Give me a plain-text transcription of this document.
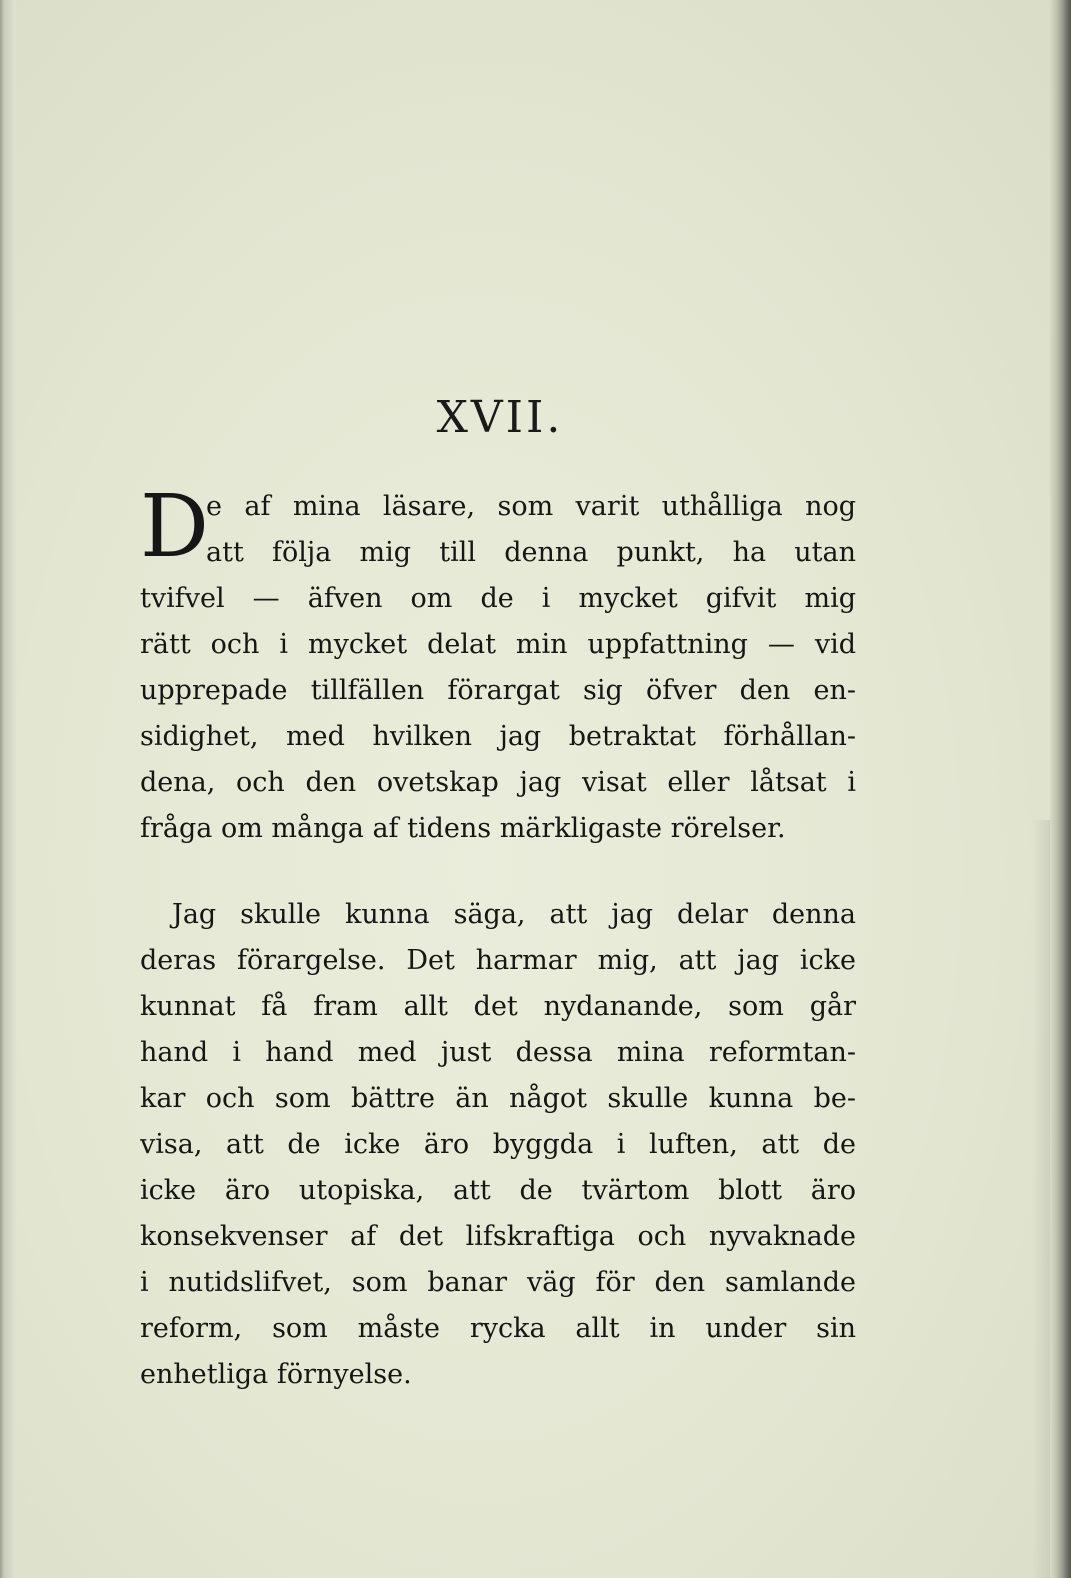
XVII.
D
e af mina läsare, som varit uthålliga nog
att följa mig till denna punkt, ha utan
tvifvel — äfven om de i mycket gifvit mig
rätt och i mycket delat min uppfattning — vid
upprepade tillfällen förargat sig öfver den en-
sidighet, med hvilken jag betraktat förhållan-
dena, och den ovetskap jag visat eller låtsat i
fråga om många af tidens märkligaste rörelser.
Jag skulle kunna säga, att jag delar denna
deras förargelse. Det harmar mig, att jag icke
kunnat få fram allt det nydanande, som går
hand i hand med just dessa mina reformtan-
kar och som bättre än något skulle kunna be-
visa, att de icke äro byggda i luften, att de
icke äro utopiska, att de tvärtom blott äro
konsekvenser af det lifskraftiga och nyvaknade
i nutidslifvet, som banar väg för den samlande
reform, som måste rycka allt in under sin
enhetliga förnyelse.
